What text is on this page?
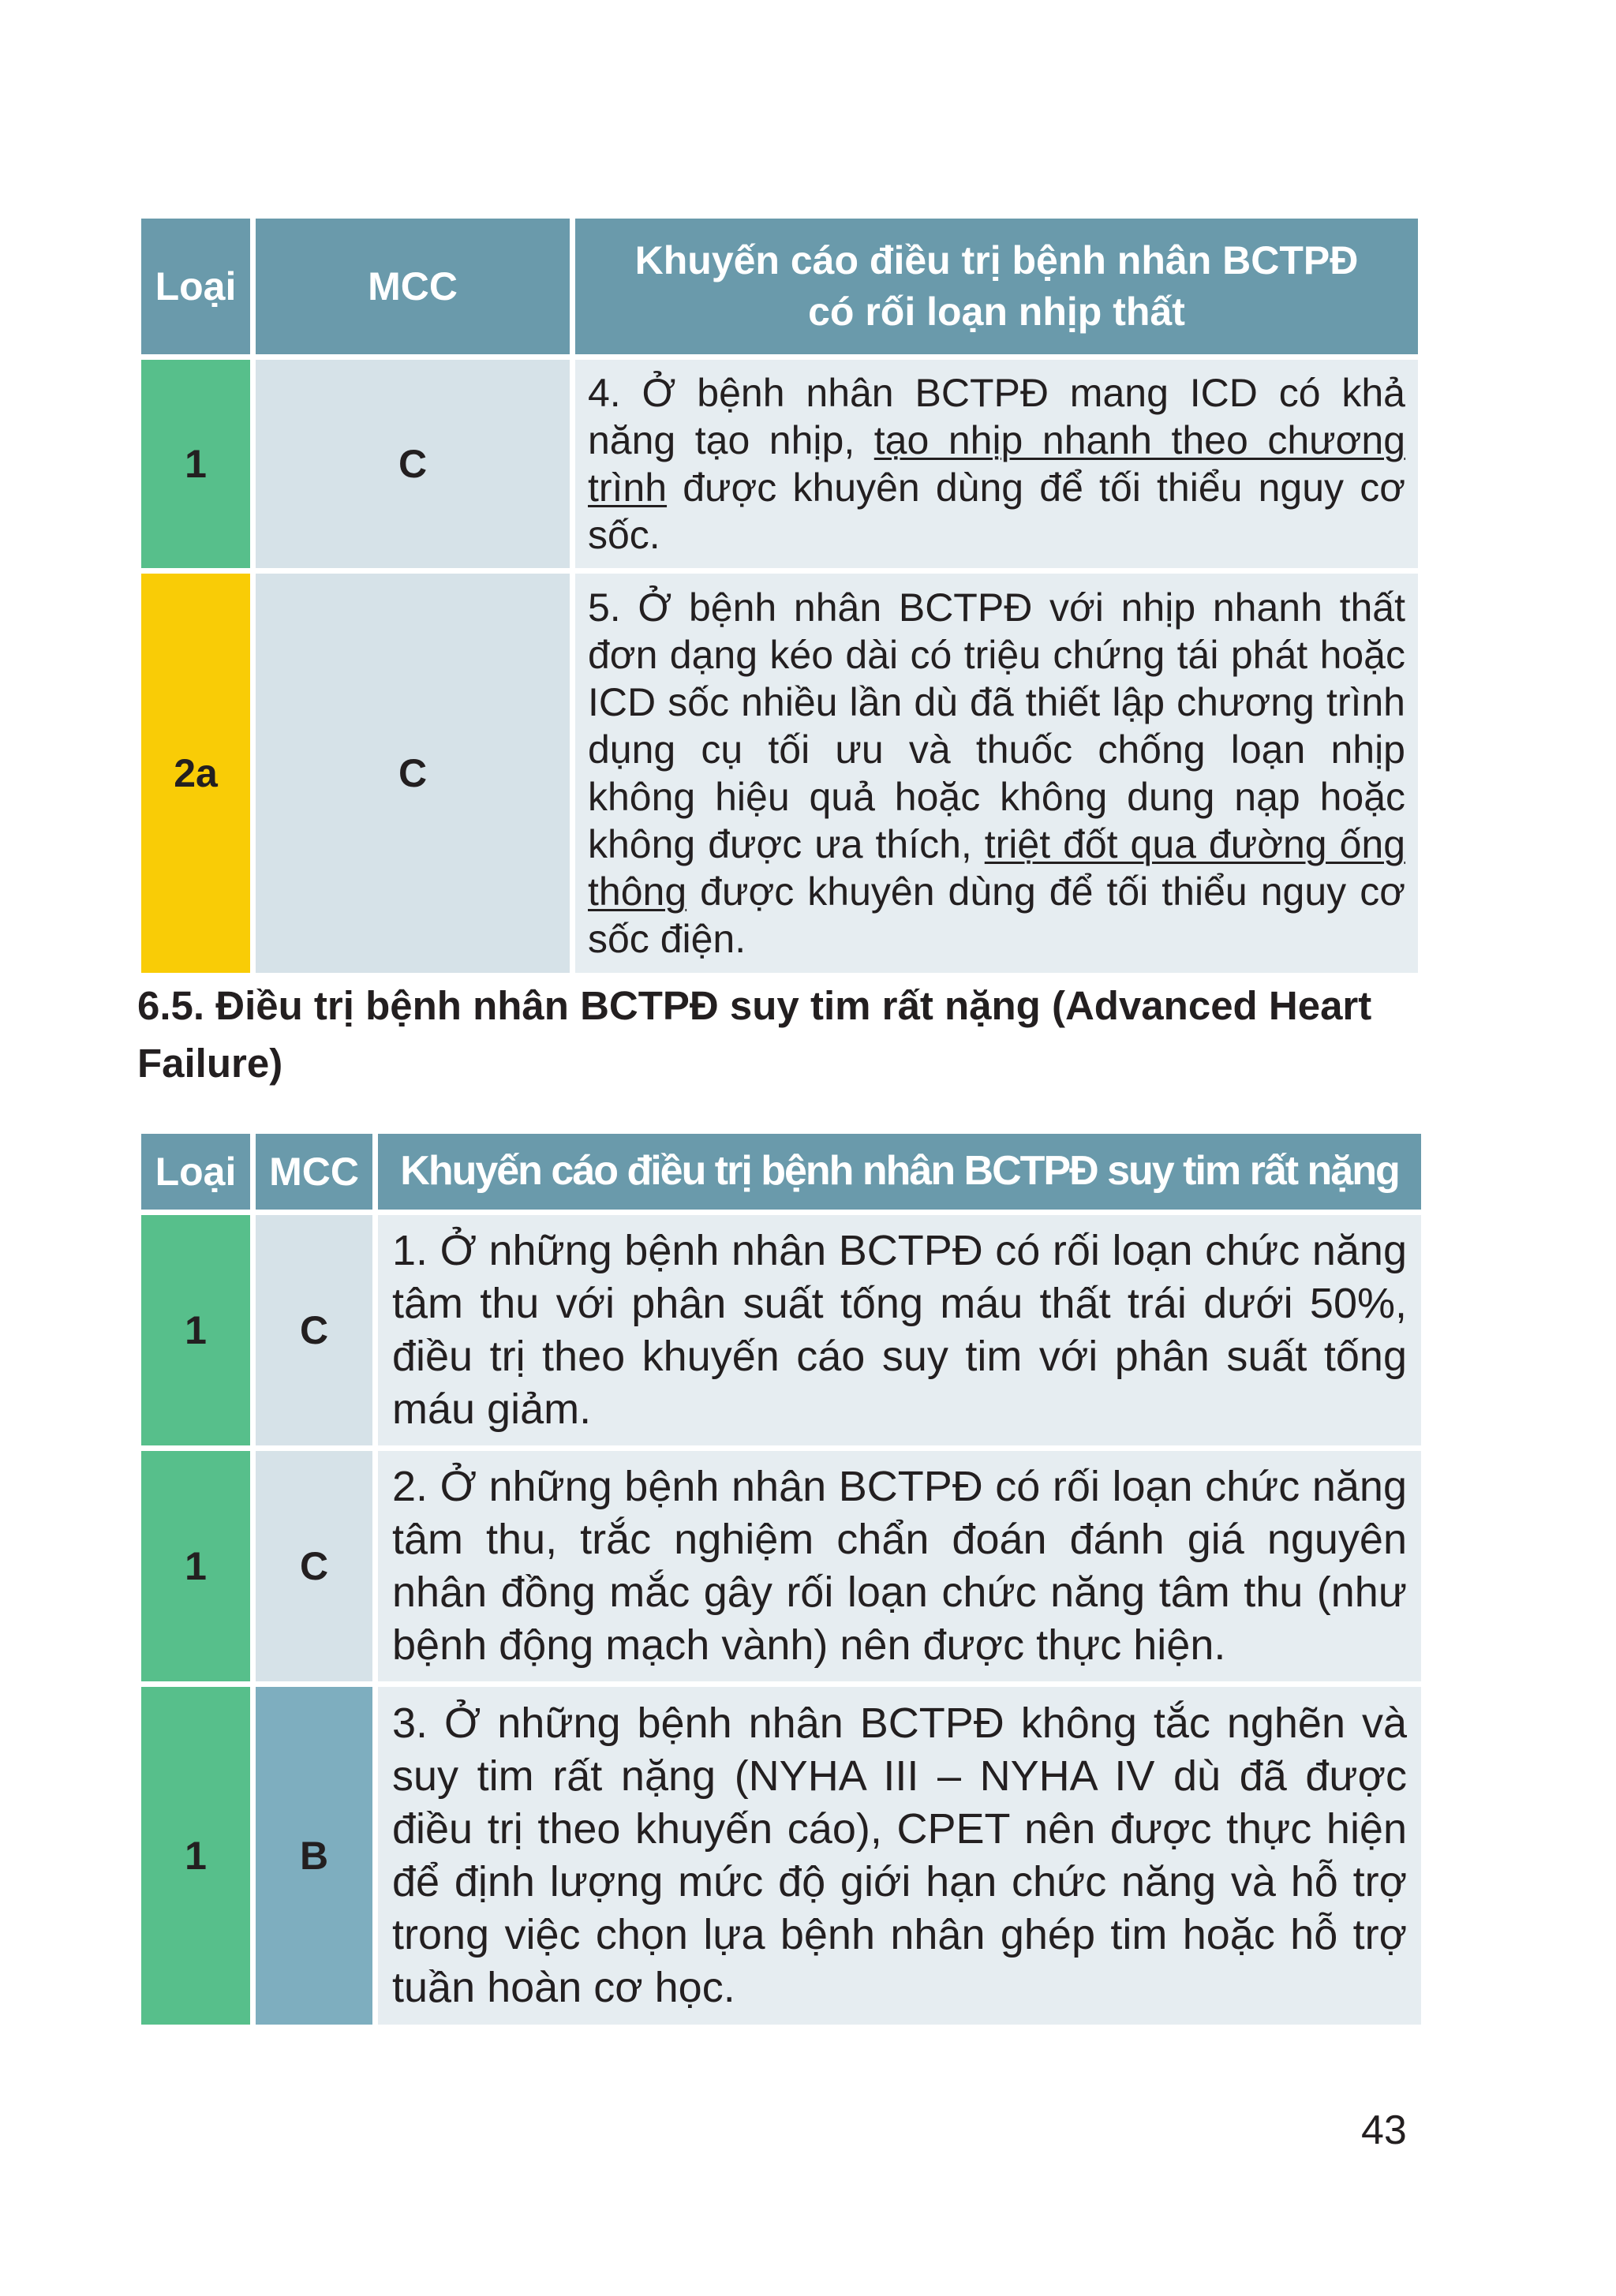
Loại	MCC	Khuyến cáo điều trị bệnh nhân BCTPĐ
có rối loạn nhịp thất
1	C	4. Ở bệnh nhân BCTPĐ mang ICD có khả năng tạo nhịp, tạo nhịp nhanh theo chương trình được khuyên dùng để tối thiểu nguy cơ sốc.
2a	C	5. Ở bệnh nhân BCTPĐ với nhịp nhanh thất đơn dạng kéo dài có triệu chứng tái phát hoặc ICD sốc nhiều lần dù đã thiết lập chương trình dụng cụ tối ưu và thuốc chống loạn nhịp không hiệu quả hoặc không dung nạp hoặc không được ưa thích, triệt đốt qua đường ống thông được khuyên dùng để tối thiểu nguy cơ sốc điện.
6.5. Điều trị bệnh nhân BCTPĐ suy tim rất nặng (Advanced Heart Failure)
Loại	MCC	Khuyến cáo điều trị bệnh nhân BCTPĐ suy tim rất nặng
1	C	1. Ở những bệnh nhân BCTPĐ có rối loạn chức năng tâm thu với phân suất tống máu thất trái dưới 50%, điều trị theo khuyến cáo suy tim với phân suất tống máu giảm.
1	C	2. Ở những bệnh nhân BCTPĐ có rối loạn chức năng tâm thu, trắc nghiệm chẩn đoán đánh giá nguyên nhân đồng mắc gây rối loạn chức năng tâm thu (như bệnh động mạch vành) nên được thực hiện.
1	B	3. Ở những bệnh nhân BCTPĐ không tắc nghẽn và suy tim rất nặng (NYHA III – NYHA IV dù đã được điều trị theo khuyến cáo), CPET nên được thực hiện để định lượng mức độ giới hạn chức năng và hỗ trợ trong việc chọn lựa bệnh nhân ghép tim hoặc hỗ trợ tuần hoàn cơ học.
43
